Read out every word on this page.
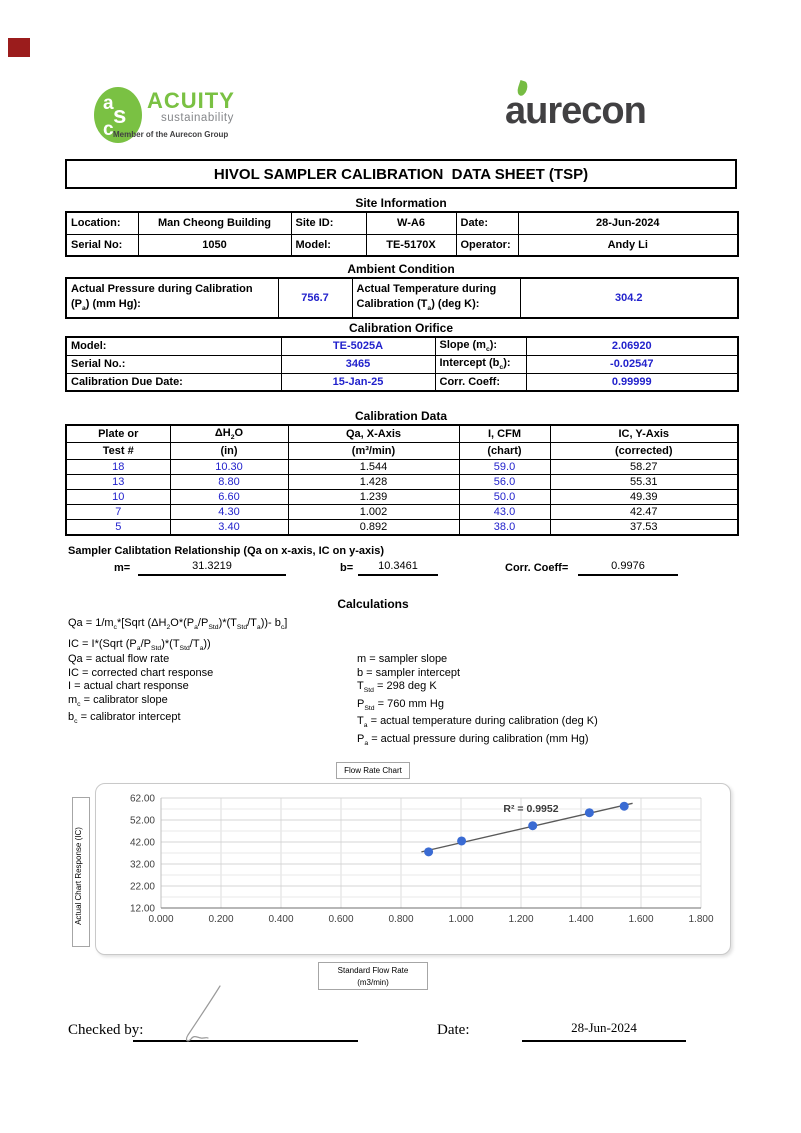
a s
c
ACUITY
sustainability
Member of the Aurecon Group
aurecon
HIVOL SAMPLER CALIBRATION  DATA SHEET (TSP)
Site Information
Location:	Man Cheong Building	Site ID:	W-A6	Date:	28-Jun-2024
Serial No:	1050	Model:	TE-5170X	Operator:	Andy Li
Ambient Condition
Actual Pressure during Calibration $(P_a)$ (mm Hg):	756.7	Actual Temperature during Calibration $(T_a)$ (deg K):	304.2
Calibration Orifice
Model:	TE-5025A	Slope $(m_c)$:	2.06920
Serial No.:	3465	Intercept $(b_c)$:	-0.02547
Calibration Due Date:	15-Jan-25	Corr. Coeff:	0.99999
Calibration Data
Plate or	$\Delta H_2O$	Qa, X-Axis	I, CFM	IC, Y-Axis
Test #	(in)	(m³/min)	(chart)	(corrected)
18	10.30	1.544	59.0	58.27
13	8.80	1.428	56.0	55.31
10	6.60	1.239	50.0	49.39
7	4.30	1.002	43.0	42.47
5	3.40	0.892	38.0	37.53
Sampler Calibtation Relationship (Qa on x-axis, IC on y-axis)
m=	31.3219	b=	10.3461	Corr. Coeff=	0.9976
Calculations
$Qa = 1/m_c*[Sqrt$ $(\Delta H_2O*(P_a/P_{Std})*(T_{Std}/T_a))-$ $b_c$]
IC = I*(Sqrt $(P_a/P_{Std})*(T_{Std}/T_a)$)
Qa = actual flow rate
IC = corrected chart response
I = actual chart response
$m_c$ = calibrator slope
$b_c$ = calibrator intercept
m = sampler slope
b = sampler intercept
$T_{Std} = 298$ deg K
$P_{Std} = 760$ mm Hg
$T_a$ = actual temperature during calibration (deg K)
$P_a$ = actual pressure during calibration (mm Hg)
Flow Rate Chart
12.00
22.00
32.00
42.00
52.00
62.00
0.000	0.200	0.400	0.600	0.800	1.000	1.200	1.400	1.600	1.800
R² = 0.9952
Actual Chart Response (IC)
Standard Flow Rate
(m3/min)
Checked by:	Date:	28-Jun-2024
